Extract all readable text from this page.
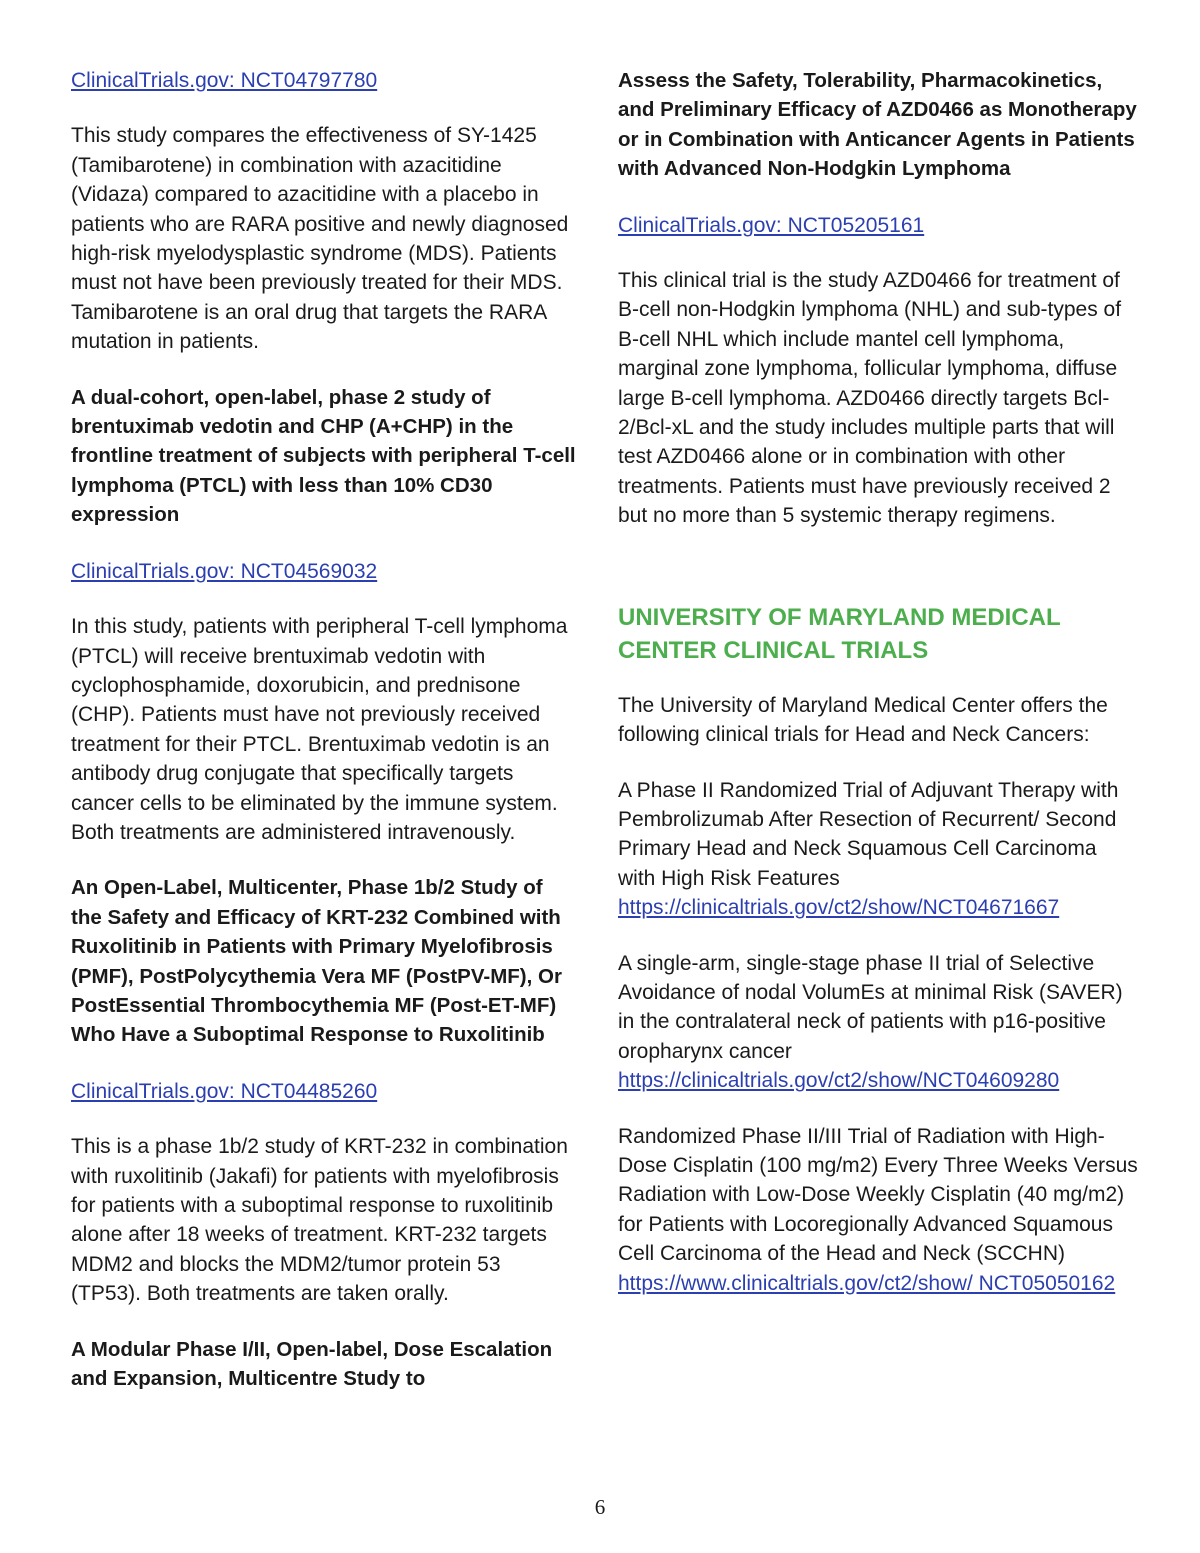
ClinicalTrials.gov: NCT04797780

This study compares the effectiveness of SY-1425 (Tamibarotene) in combination with azacitidine (Vidaza) compared to azacitidine with a placebo in patients who are RARA positive and newly diagnosed high-risk myelodysplastic syndrome (MDS). Patients must not have been previously treated for their MDS. Tamibarotene is an oral drug that targets the RARA mutation in patients.

A dual-cohort, open-label, phase 2 study of brentuximab vedotin and CHP (A+CHP) in the frontline treatment of subjects with peripheral T-cell lymphoma (PTCL) with less than 10% CD30 expression

ClinicalTrials.gov: NCT04569032

In this study, patients with peripheral T-cell lymphoma (PTCL) will receive brentuximab vedotin with cyclophosphamide, doxorubicin, and prednisone (CHP). Patients must have not previously received treatment for their PTCL. Brentuximab vedotin is an antibody drug conjugate that specifically targets cancer cells to be eliminated by the immune system. Both treatments are administered intravenously.

An Open-Label, Multicenter, Phase 1b/2 Study of the Safety and Efficacy of KRT-232 Combined with Ruxolitinib in Patients with Primary Myelofibrosis (PMF), PostPolycythemia Vera MF (PostPV-MF), Or PostEssential Thrombocythemia MF (Post-ET-MF) Who Have a Suboptimal Response to Ruxolitinib

ClinicalTrials.gov: NCT04485260

This is a phase 1b/2 study of KRT-232 in combination with ruxolitinib (Jakafi) for patients with myelofibrosis for patients with a suboptimal response to ruxolitinib alone after 18 weeks of treatment. KRT-232 targets MDM2 and blocks the MDM2/tumor protein 53 (TP53). Both treatments are taken orally.

A Modular Phase I/II, Open-label, Dose Escalation and Expansion, Multicentre Study to

Assess the Safety, Tolerability, Pharmacokinetics, and Preliminary Efficacy of AZD0466 as Monotherapy or in Combination with Anticancer Agents in Patients with Advanced Non-Hodgkin Lymphoma

ClinicalTrials.gov: NCT05205161

This clinical trial is the study AZD0466 for treatment of B-cell non-Hodgkin lymphoma (NHL) and sub-types of B-cell NHL which include mantel cell lymphoma, marginal zone lymphoma, follicular lymphoma, diffuse large B-cell lymphoma. AZD0466 directly targets Bcl-2/Bcl-xL and the study includes multiple parts that will test AZD0466 alone or in combination with other treatments. Patients must have previously received 2 but no more than 5 systemic therapy regimens.

UNIVERSITY OF MARYLAND MEDICAL CENTER CLINICAL TRIALS

The University of Maryland Medical Center offers the following clinical trials for Head and Neck Cancers:

A Phase II Randomized Trial of Adjuvant Therapy with Pembrolizumab After Resection of Recurrent/ Second Primary Head and Neck Squamous Cell Carcinoma with High Risk Features
https://clinicaltrials.gov/ct2/show/NCT04671667
A single-arm, single-stage phase II trial of Selective Avoidance of nodal VolumEs at minimal Risk (SAVER) in the contralateral neck of patients with p16-positive oropharynx cancer
https://clinicaltrials.gov/ct2/show/NCT04609280
Randomized Phase II/III Trial of Radiation with High-Dose Cisplatin (100 mg/m2) Every Three Weeks Versus Radiation with Low-Dose Weekly Cisplatin (40 mg/m2) for Patients with Locoregionally Advanced Squamous Cell Carcinoma of the Head and Neck (SCCHN)
https://www.clinicaltrials.gov/ct2/show/ NCT05050162
6
